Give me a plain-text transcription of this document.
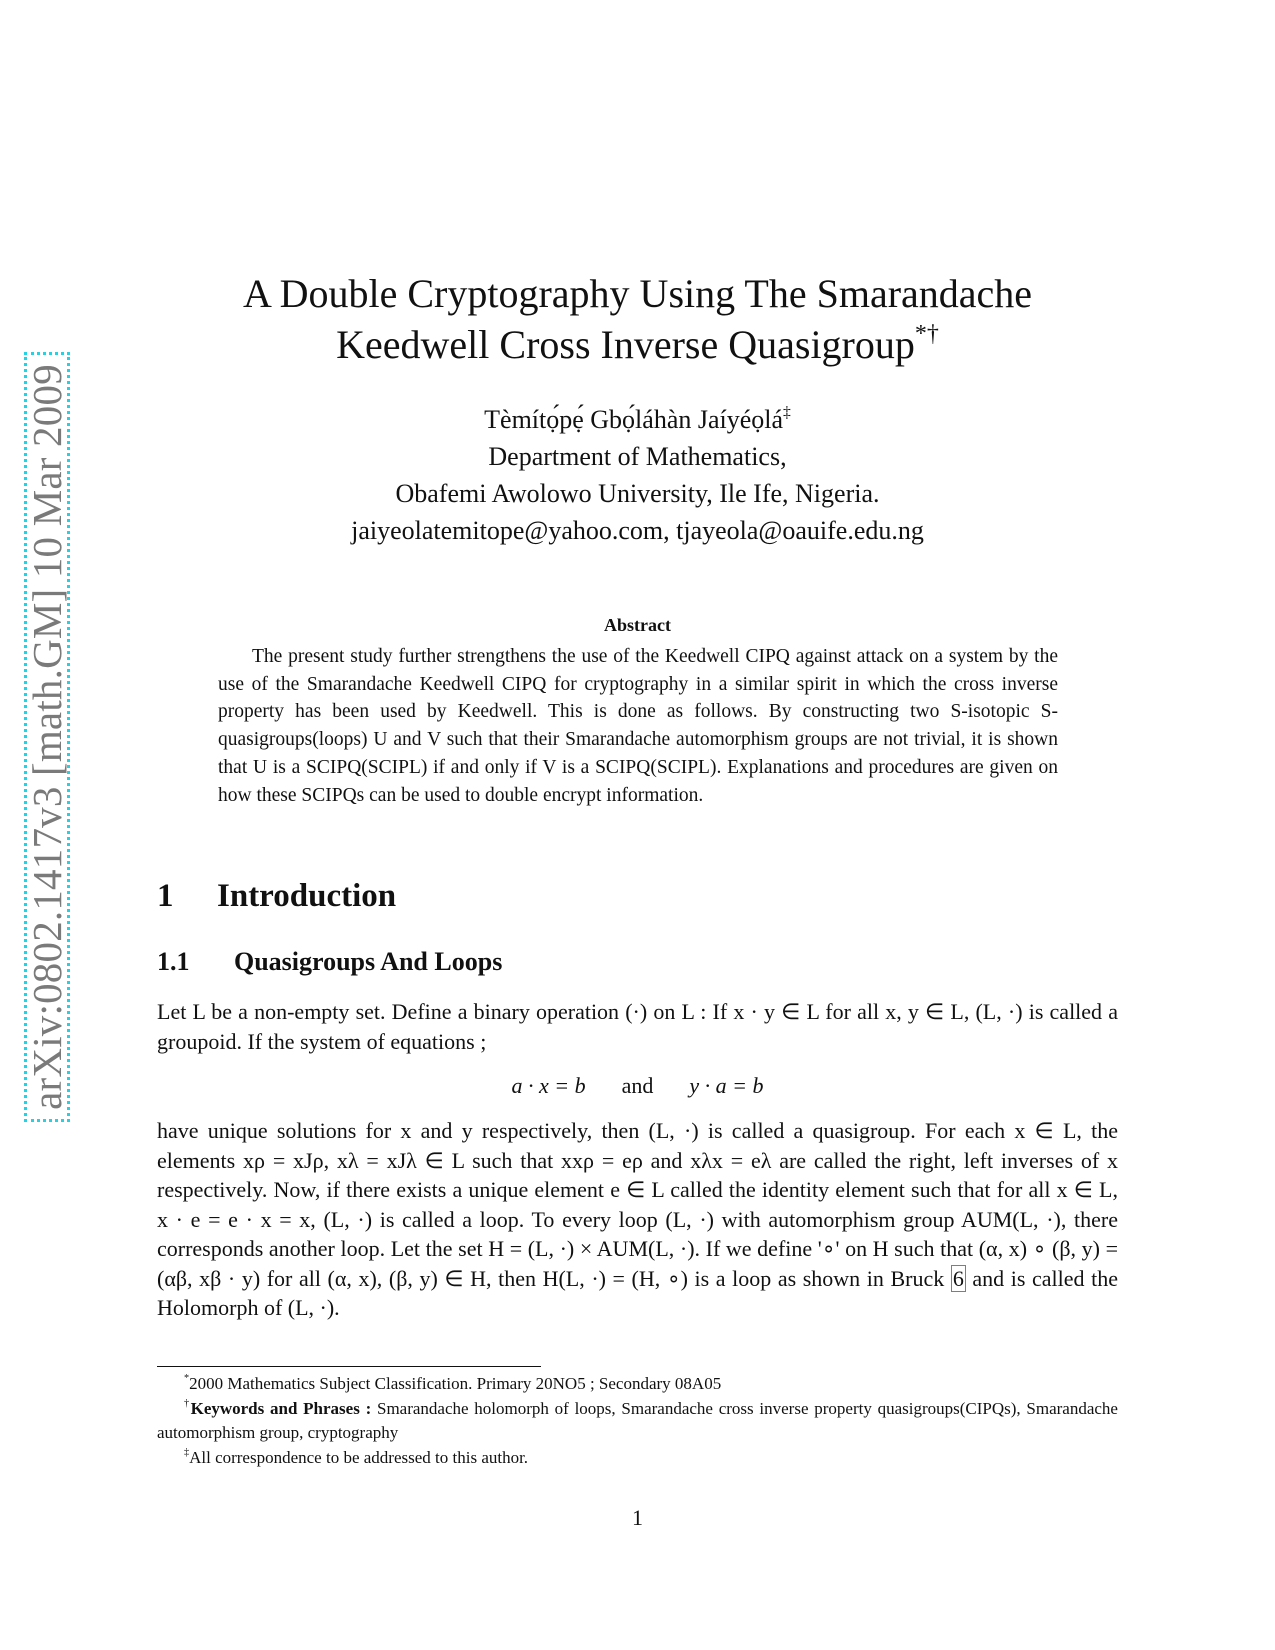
arXiv:0802.1417v3 [math.GM] 10 Mar 2009
A Double Cryptography Using The Smarandache
Keedwell Cross Inverse Quasigroup*†
Tèmítọ́pẹ́ Gbọ́láhàn Jaíyéọlá‡
Department of Mathematics,
Obafemi Awolowo University, Ile Ife, Nigeria.
jaiyeolatemitope@yahoo.com, tjayeola@oauife.edu.ng
Abstract
The present study further strengthens the use of the Keedwell CIPQ against attack on a system by the use of the Smarandache Keedwell CIPQ for cryptography in a similar spirit in which the cross inverse property has been used by Keedwell. This is done as follows. By constructing two S-isotopic S-quasigroups(loops) U and V such that their Smarandache automorphism groups are not trivial, it is shown that U is a SCIPQ(SCIPL) if and only if V is a SCIPQ(SCIPL). Explanations and procedures are given on how these SCIPQs can be used to double encrypt information.
1 Introduction
1.1 Quasigroups And Loops
Let L be a non-empty set. Define a binary operation (·) on L : If x · y ∈ L for all x, y ∈ L, (L, ·) is called a groupoid. If the system of equations ;
a · x = b and y · a = b
have unique solutions for x and y respectively, then (L, ·) is called a quasigroup. For each x ∈ L, the elements xρ = xJρ, xλ = xJλ ∈ L such that xxρ = eρ and xλx = eλ are called the right, left inverses of x respectively. Now, if there exists a unique element e ∈ L called the identity element such that for all x ∈ L, x · e = e · x = x, (L, ·) is called a loop. To every loop (L, ·) with automorphism group AUM(L, ·), there corresponds another loop. Let the set H = (L, ·) × AUM(L, ·). If we define '∘' on H such that (α, x) ∘ (β, y) = (αβ, xβ · y) for all (α, x), (β, y) ∈ H, then H(L, ·) = (H, ∘) is a loop as shown in Bruck 6 and is called the Holomorph of (L, ·).
*2000 Mathematics Subject Classification. Primary 20NO5 ; Secondary 08A05
†Keywords and Phrases : Smarandache holomorph of loops, Smarandache cross inverse property quasigroups(CIPQs), Smarandache automorphism group, cryptography
‡All correspondence to be addressed to this author.
1
